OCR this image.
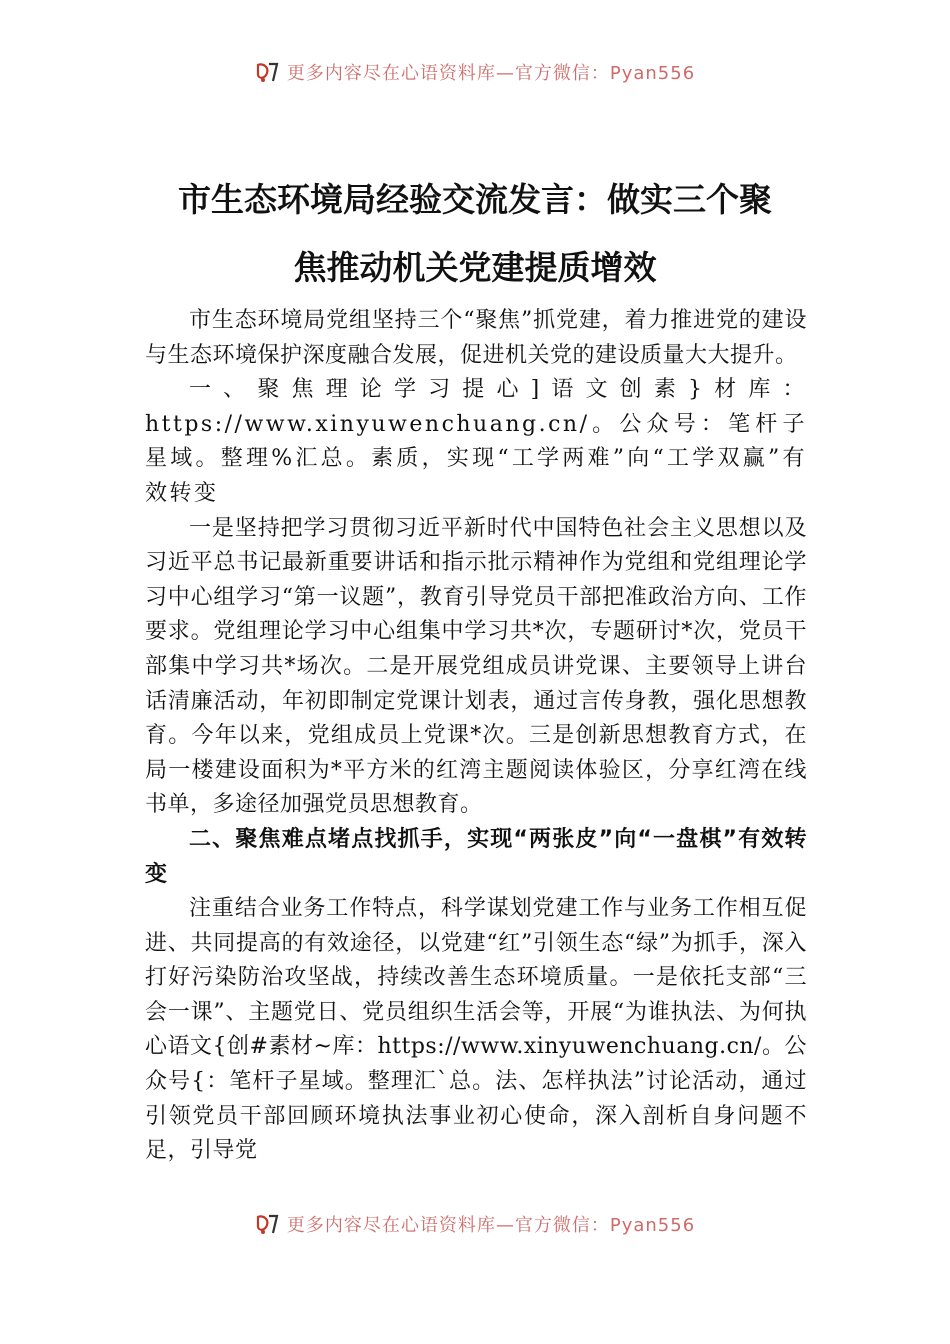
更多内容尽在心语资料库—官方微信：Pyan556
市生态环境局经验交流发言：做实三个聚
焦推动机关党建提质增效

市生态环境局党组坚持三个“聚焦”抓党建，着力推进党的建设与生态环境保护深度融合发展，促进机关党的建设质量大大提升。

一、聚焦理论学习提心]语文创素}材库：https://www.xinyuwenchuang.cn/。公众号：笔杆子星域。整理%汇总。素质，实现“工学两难”向“工学双赢”有效转变

一是坚持把学习贯彻习近平新时代中国特色社会主义思想以及习近平总书记最新重要讲话和指示批示精神作为党组和党组理论学习中心组学习“第一议题”，教育引导党员干部把准政治方向、工作要求。党组理论学习中心组集中学习共*次，专题研讨*次，党员干部集中学习共*场次。二是开展党组成员讲党课、主要领导上讲台话清廉活动，年初即制定党课计划表，通过言传身教，强化思想教育。今年以来，党组成员上党课*次。三是创新思想教育方式，在局一楼建设面积为*平方米的红湾主题阅读体验区，分享红湾在线书单，多途径加强党员思想教育。

二、聚焦难点堵点找抓手，实现“两张皮”向“一盘棋”有效转变

注重结合业务工作特点，科学谋划党建工作与业务工作相互促进、共同提高的有效途径，以党建“红”引领生态“绿”为抓手，深入打好污染防治攻坚战，持续改善生态环境质量。一是依托支部“三会一课”、主题党日、党员组织生活会等，开展“为谁执法、为何执心语文{创#素材~库：https://www.xinyuwenchuang.cn/。公众号{：笔杆子星域。整理汇`总。法、怎样执法”讨论活动，通过引领党员干部回顾环境执法事业初心使命，深入剖析自身问题不足，引导党

更多内容尽在心语资料库—官方微信：Pyan556
